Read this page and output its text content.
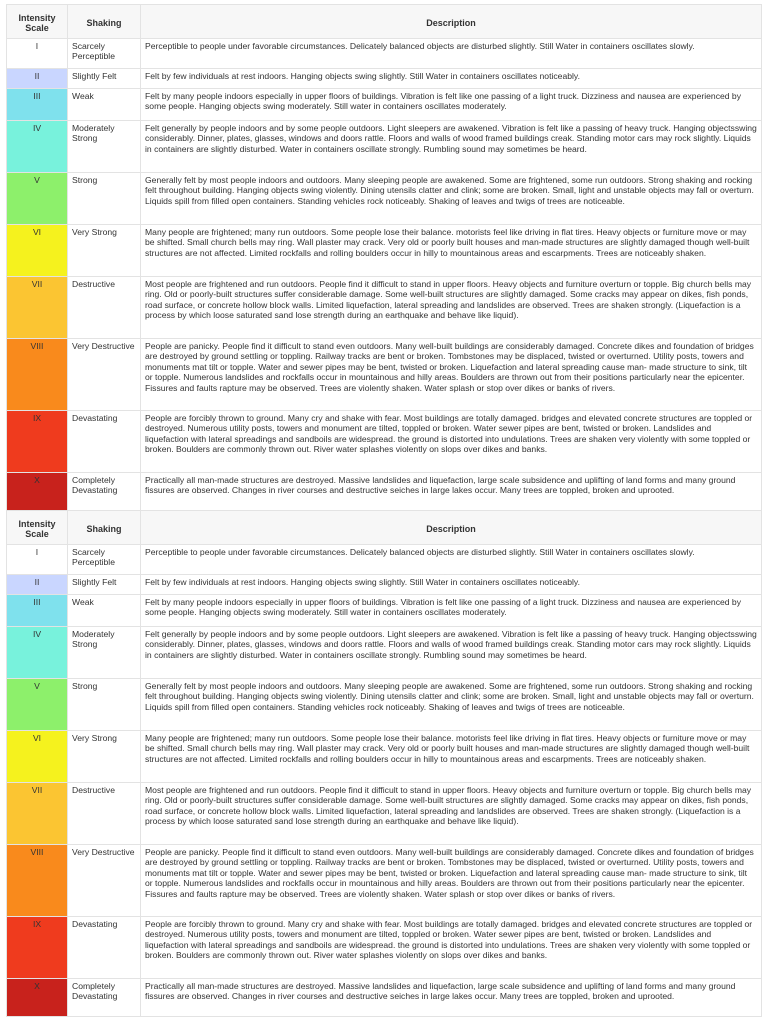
Intensity Scale	Shaking	Description
I	Scarcely Perceptible	Perceptible to people under favorable circumstances. Delicately balanced objects are disturbed slightly. Still Water in containers oscillates slowly.
II	Slightly Felt	Felt by few individuals at rest indoors. Hanging objects swing slightly. Still Water in containers oscillates noticeably.
III	Weak	Felt by many people indoors especially in upper floors of buildings. Vibration is felt like one passing of a light truck. Dizziness and nausea are experienced by some people. Hanging objects swing moderately. Still water in containers oscillates moderately.
IV	Moderately Strong	Felt generally by people indoors and by some people outdoors. Light sleepers are awakened. Vibration is felt like a passing of heavy truck. Hanging objectsswing considerably. Dinner, plates, glasses, windows and doors rattle. Floors and walls of wood framed buildings creak. Standing motor cars may rock slightly. Liquids in containers are slightly disturbed. Water in containers oscillate strongly. Rumbling sound may sometimes be heard.
V	Strong	Generally felt by most people indoors and outdoors. Many sleeping people are awakened. Some are frightened, some run outdoors. Strong shaking and rocking felt throughout building. Hanging objects swing violently. Dining utensils clatter and clink; some are broken. Small, light and unstable objects may fall or overturn. Liquids spill from filled open containers. Standing vehicles rock noticeably. Shaking of leaves and twigs of trees are noticeable.
VI	Very Strong	Many people are frightened; many run outdoors. Some people lose their balance. motorists feel like driving in flat tires. Heavy objects or furniture move or may be shifted. Small church bells may ring. Wall plaster may crack. Very old or poorly built houses and man-made structures are slightly damaged though well-built structures are not affected. Limited rockfalls and rolling boulders occur in hilly to mountainous areas and escarpments. Trees are noticeably shaken.
VII	Destructive	Most people are frightened and run outdoors. People find it difficult to stand in upper floors. Heavy objects and furniture overturn or topple. Big church bells may ring. Old or poorly-built structures suffer considerable damage. Some well-built structures are slightly damaged. Some cracks may appear on dikes, fish ponds, road surface, or concrete hollow block walls. Limited liquefaction, lateral spreading and landslides are observed. Trees are shaken strongly. (Liquefaction is a process by which loose saturated sand lose strength during an earthquake and behave like liquid).
VIII	Very Destructive	People are panicky. People find it difficult to stand even outdoors. Many well-built buildings are considerably damaged. Concrete dikes and foundation of bridges are destroyed by ground settling or toppling. Railway tracks are bent or broken. Tombstones may be displaced, twisted or overturned. Utility posts, towers and monuments mat tilt or topple. Water and sewer pipes may be bent, twisted or broken. Liquefaction and lateral spreading cause man- made structure to sink, tilt or topple. Numerous landslides and rockfalls occur in mountainous and hilly areas. Boulders are thrown out from their positions particularly near the epicenter. Fissures and faults rapture may be observed. Trees are violently shaken. Water splash or stop over dikes or banks of rivers.
IX	Devastating	People are forcibly thrown to ground. Many cry and shake with fear. Most buildings are totally damaged. bridges and elevated concrete structures are toppled or destroyed. Numerous utility posts, towers and monument are tilted, toppled or broken. Water sewer pipes are bent, twisted or broken. Landslides and liquefaction with lateral spreadings and sandboils are widespread. the ground is distorted into undulations. Trees are shaken very violently with some toppled or broken. Boulders are commonly thrown out. River water splashes violently on slops over dikes and banks.
X	Completely Devastating	Practically all man-made structures are destroyed. Massive landslides and liquefaction, large scale subsidence and uplifting of land forms and many ground fissures are observed. Changes in river courses and destructive seiches in large lakes occur. Many trees are toppled, broken and uprooted.
Intensity Scale	Shaking	Description
I	Scarcely Perceptible	Perceptible to people under favorable circumstances. Delicately balanced objects are disturbed slightly. Still Water in containers oscillates slowly.
II	Slightly Felt	Felt by few individuals at rest indoors. Hanging objects swing slightly. Still Water in containers oscillates noticeably.
III	Weak	Felt by many people indoors especially in upper floors of buildings. Vibration is felt like one passing of a light truck. Dizziness and nausea are experienced by some people. Hanging objects swing moderately. Still water in containers oscillates moderately.
IV	Moderately Strong	Felt generally by people indoors and by some people outdoors. Light sleepers are awakened. Vibration is felt like a passing of heavy truck. Hanging objectsswing considerably. Dinner, plates, glasses, windows and doors rattle. Floors and walls of wood framed buildings creak. Standing motor cars may rock slightly. Liquids in containers are slightly disturbed. Water in containers oscillate strongly. Rumbling sound may sometimes be heard.
V	Strong	Generally felt by most people indoors and outdoors. Many sleeping people are awakened. Some are frightened, some run outdoors. Strong shaking and rocking felt throughout building. Hanging objects swing violently. Dining utensils clatter and clink; some are broken. Small, light and unstable objects may fall or overturn. Liquids spill from filled open containers. Standing vehicles rock noticeably. Shaking of leaves and twigs of trees are noticeable.
VI	Very Strong	Many people are frightened; many run outdoors. Some people lose their balance. motorists feel like driving in flat tires. Heavy objects or furniture move or may be shifted. Small church bells may ring. Wall plaster may crack. Very old or poorly built houses and man-made structures are slightly damaged though well-built structures are not affected. Limited rockfalls and rolling boulders occur in hilly to mountainous areas and escarpments. Trees are noticeably shaken.
VII	Destructive	Most people are frightened and run outdoors. People find it difficult to stand in upper floors. Heavy objects and furniture overturn or topple. Big church bells may ring. Old or poorly-built structures suffer considerable damage. Some well-built structures are slightly damaged. Some cracks may appear on dikes, fish ponds, road surface, or concrete hollow block walls. Limited liquefaction, lateral spreading and landslides are observed. Trees are shaken strongly. (Liquefaction is a process by which loose saturated sand lose strength during an earthquake and behave like liquid).
VIII	Very Destructive	People are panicky. People find it difficult to stand even outdoors. Many well-built buildings are considerably damaged. Concrete dikes and foundation of bridges are destroyed by ground settling or toppling. Railway tracks are bent or broken. Tombstones may be displaced, twisted or overturned. Utility posts, towers and monuments mat tilt or topple. Water and sewer pipes may be bent, twisted or broken. Liquefaction and lateral spreading cause man- made structure to sink, tilt or topple. Numerous landslides and rockfalls occur in mountainous and hilly areas. Boulders are thrown out from their positions particularly near the epicenter. Fissures and faults rapture may be observed. Trees are violently shaken. Water splash or stop over dikes or banks of rivers.
IX	Devastating	People are forcibly thrown to ground. Many cry and shake with fear. Most buildings are totally damaged. bridges and elevated concrete structures are toppled or destroyed. Numerous utility posts, towers and monument are tilted, toppled or broken. Water sewer pipes are bent, twisted or broken. Landslides and liquefaction with lateral spreadings and sandboils are widespread. the ground is distorted into undulations. Trees are shaken very violently with some toppled or broken. Boulders are commonly thrown out. River water splashes violently on slops over dikes and banks.
X	Completely Devastating	Practically all man-made structures are destroyed. Massive landslides and liquefaction, large scale subsidence and uplifting of land forms and many ground fissures are observed. Changes in river courses and destructive seiches in large lakes occur. Many trees are toppled, broken and uprooted.
